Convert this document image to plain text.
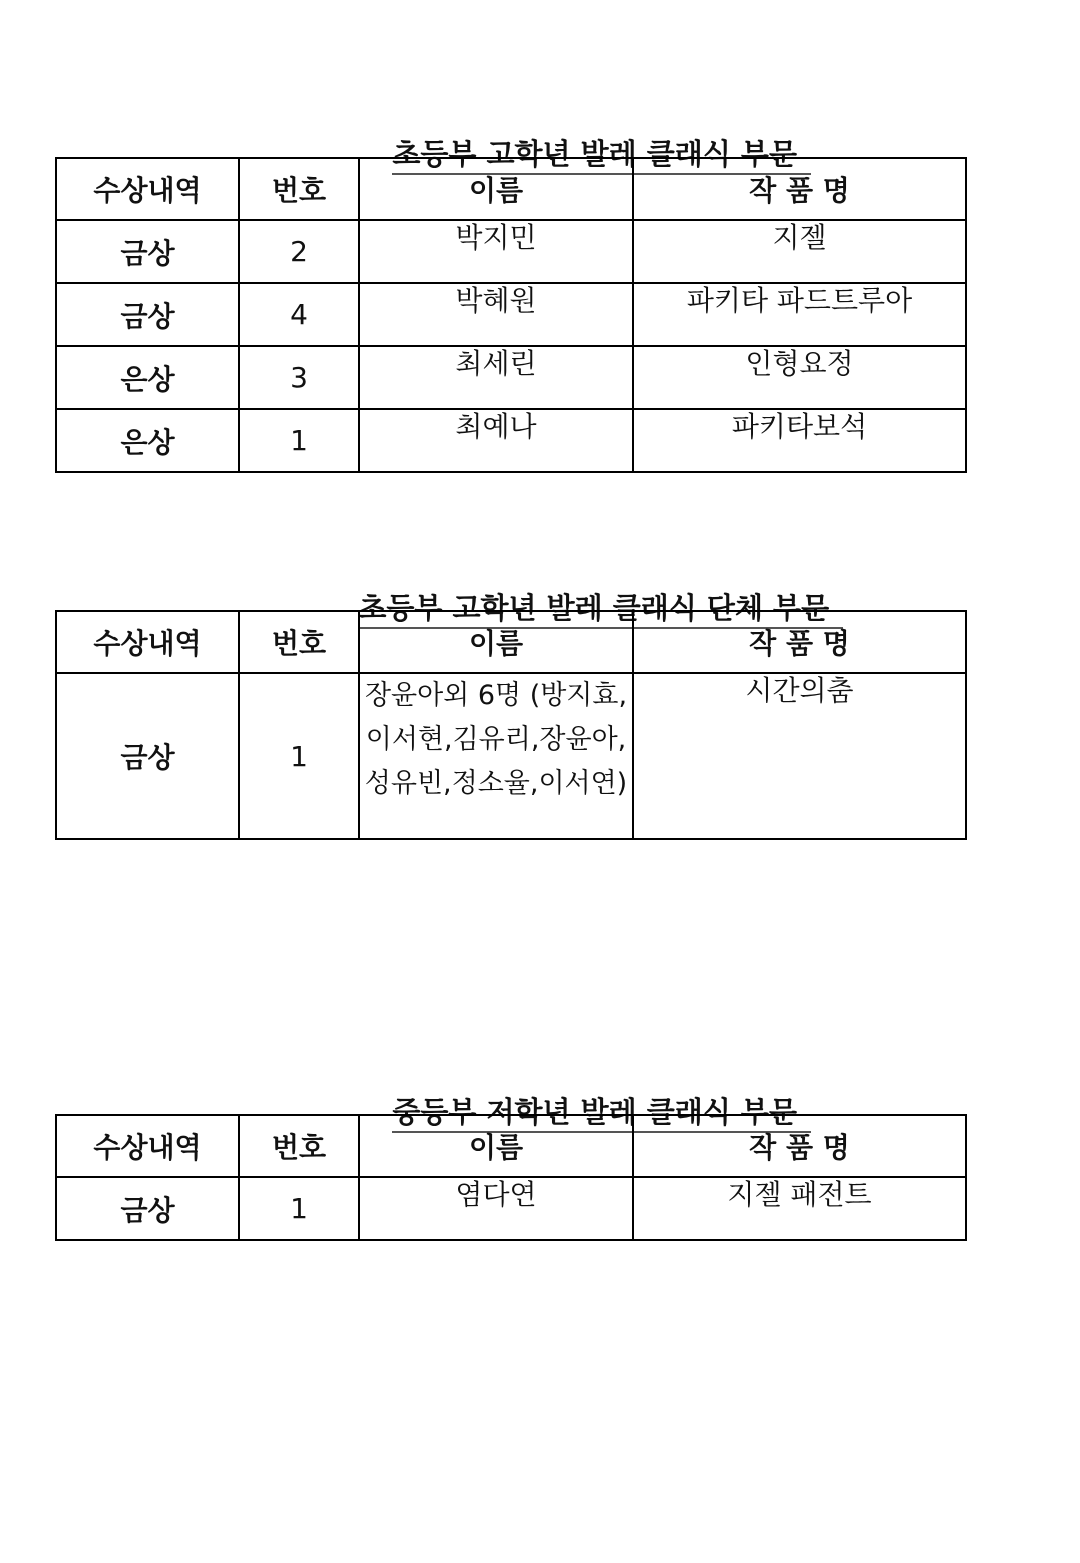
초등부 고학년 발레 클래식 부문

수상내역	번호	이름	작 품 명
금상	2	박지민	지젤
금상	4	박혜원	파키타 파드트루아
은상	3	최세린	인형요정
은상	1	최예나	파키타보석

초등부 고학년 발레 클래식 단체 부문

수상내역	번호	이름	작 품 명
금상	1	장윤아외 6명 (방지효,이서현,김유리,장윤아,성유빈,정소율,이서연)	시간의춤

중등부 저학년 발레 클래식 부문

수상내역	번호	이름	작 품 명
금상	1	염다연	지젤 패전트
